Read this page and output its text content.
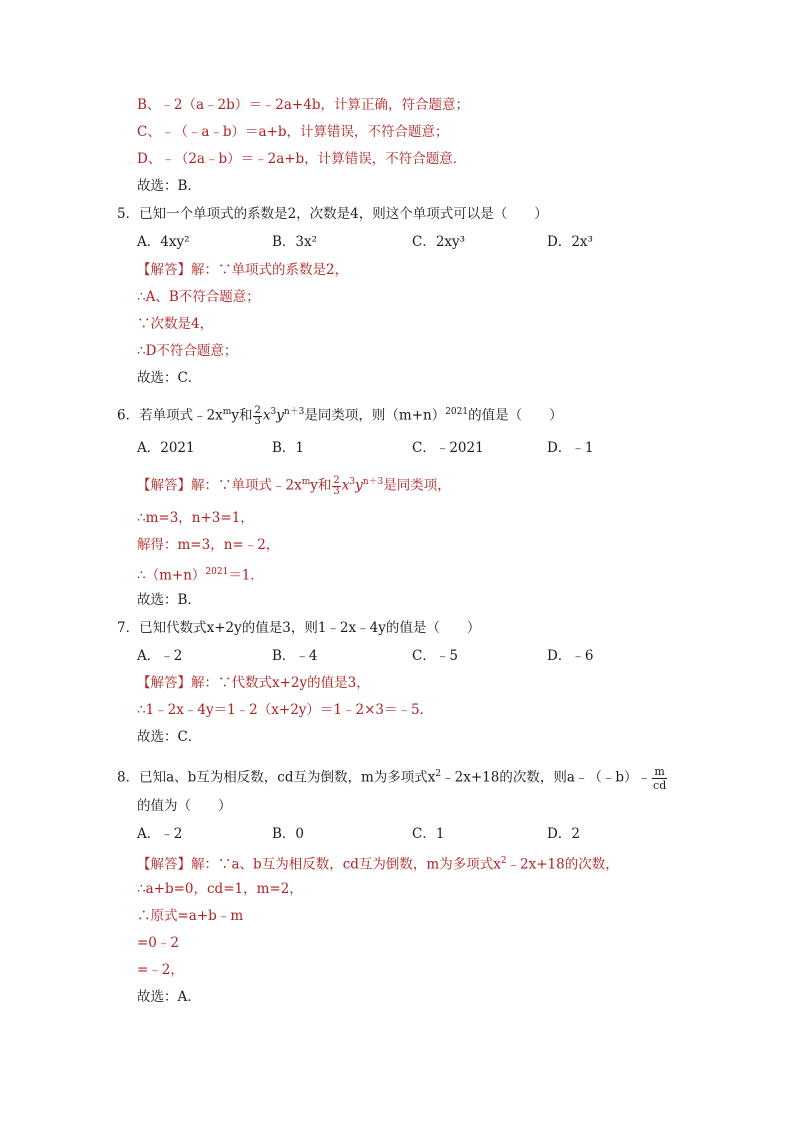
B、﹣2（a﹣2b）＝﹣2a+4b，计算正确，符合题意；
C、﹣（﹣a﹣b）＝a+b，计算错误，不符合题意；
D、﹣（2a﹣b）＝﹣2a+b，计算错误，不符合题意．
故选：B．
5．已知一个单项式的系数是2，次数是4，则这个单项式可以是（　　）
A．4xy²	B．3x²	C．2xy³	D．2x³
【解答】解：∵单项式的系数是2，
∴A、B不符合题意；
∵次数是4，
∴D不符合题意；
故选：C．
6．若单项式$﹣2x^my$和 $\frac{2}{3} x^3y^{n+3}$是同类项，则$(m+n)^{2021}$的值是（　　）
A．2021	B．1	C．﹣2021	D．﹣1
【解答】解：∵单项式$﹣2x^my$和 $\frac{2}{3} x^3y^{n+3}$是同类项，
∴m=3，n+3=1，
解得：m=3，n=﹣2，
$\therefore(m+n)^{2021}=1$．
故选：B．
7．已知代数式x+2y的值是3，则1﹣2x﹣4y的值是（　　）
A．﹣2	B．﹣4	C．﹣5	D．﹣6
【解答】解：∵代数式x+2y的值是3，
∴1﹣2x﹣4y＝1﹣2（x+2y）＝1﹣2×3＝﹣5．
故选：C．
8．已知a、b互为相反数，cd互为倒数，m为多项式$x^2﹣2x+18$的次数，则a﹣（﹣b）﹣ $\frac{m}{cd}$
的值为（　　）
A．﹣2	B．0	C．1	D．2
【解答】解：∵a、b互为相反数，cd互为倒数，m为多项式$x^2﹣2x+18$的次数，
∴a+b=0，cd=1，m=2，
∴原式=a+b﹣m
=0﹣2
=﹣2，
故选：A．
